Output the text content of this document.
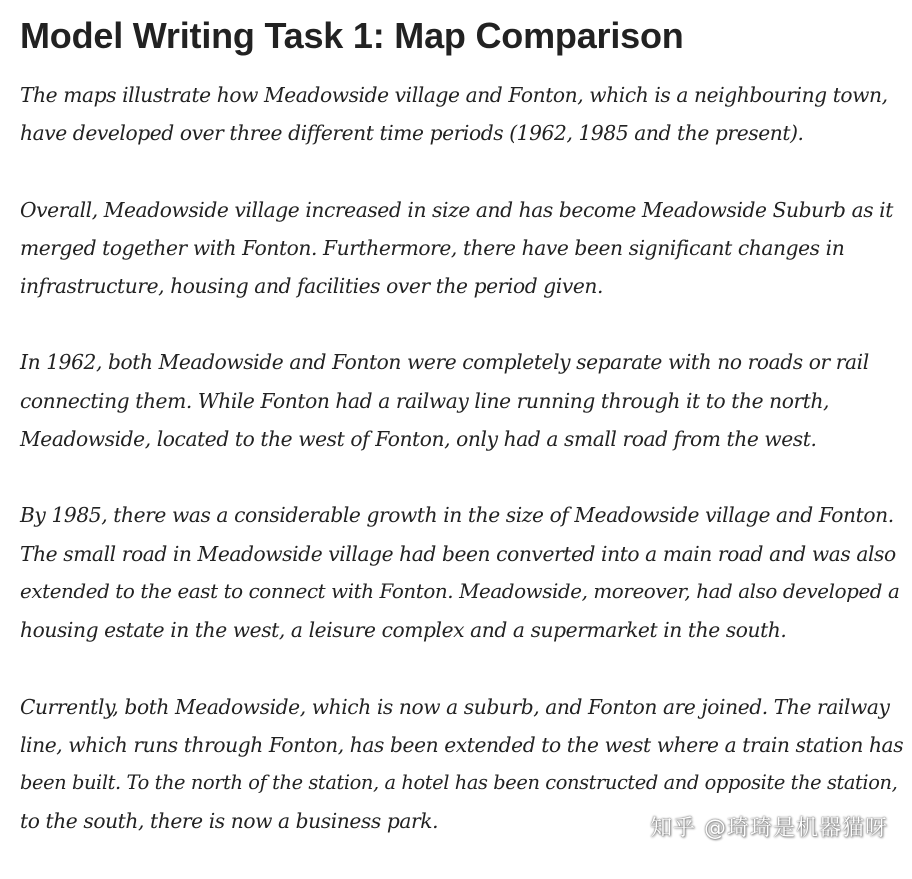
Model Writing Task 1: Map Comparison
The maps illustrate how Meadowside village and Fonton, which is a neighbouring town,
have developed over three different time periods (1962, 1985 and the present).
Overall, Meadowside village increased in size and has become Meadowside Suburb as it
merged together with Fonton. Furthermore, there have been significant changes in
infrastructure, housing and facilities over the period given.
In 1962, both Meadowside and Fonton were completely separate with no roads or rail
connecting them. While Fonton had a railway line running through it to the north,
Meadowside, located to the west of Fonton, only had a small road from the west.
By 1985, there was a considerable growth in the size of Meadowside village and Fonton.
The small road in Meadowside village had been converted into a main road and was also
extended to the east to connect with Fonton. Meadowside, moreover, had also developed a
housing estate in the west, a leisure complex and a supermarket in the south.
Currently, both Meadowside, which is now a suburb, and Fonton are joined. The railway
line, which runs through Fonton, has been extended to the west where a train station has
been built. To the north of the station, a hotel has been constructed and opposite the station,
to the south, there is now a business park.	知乎 @琦琦是机器猫呀
